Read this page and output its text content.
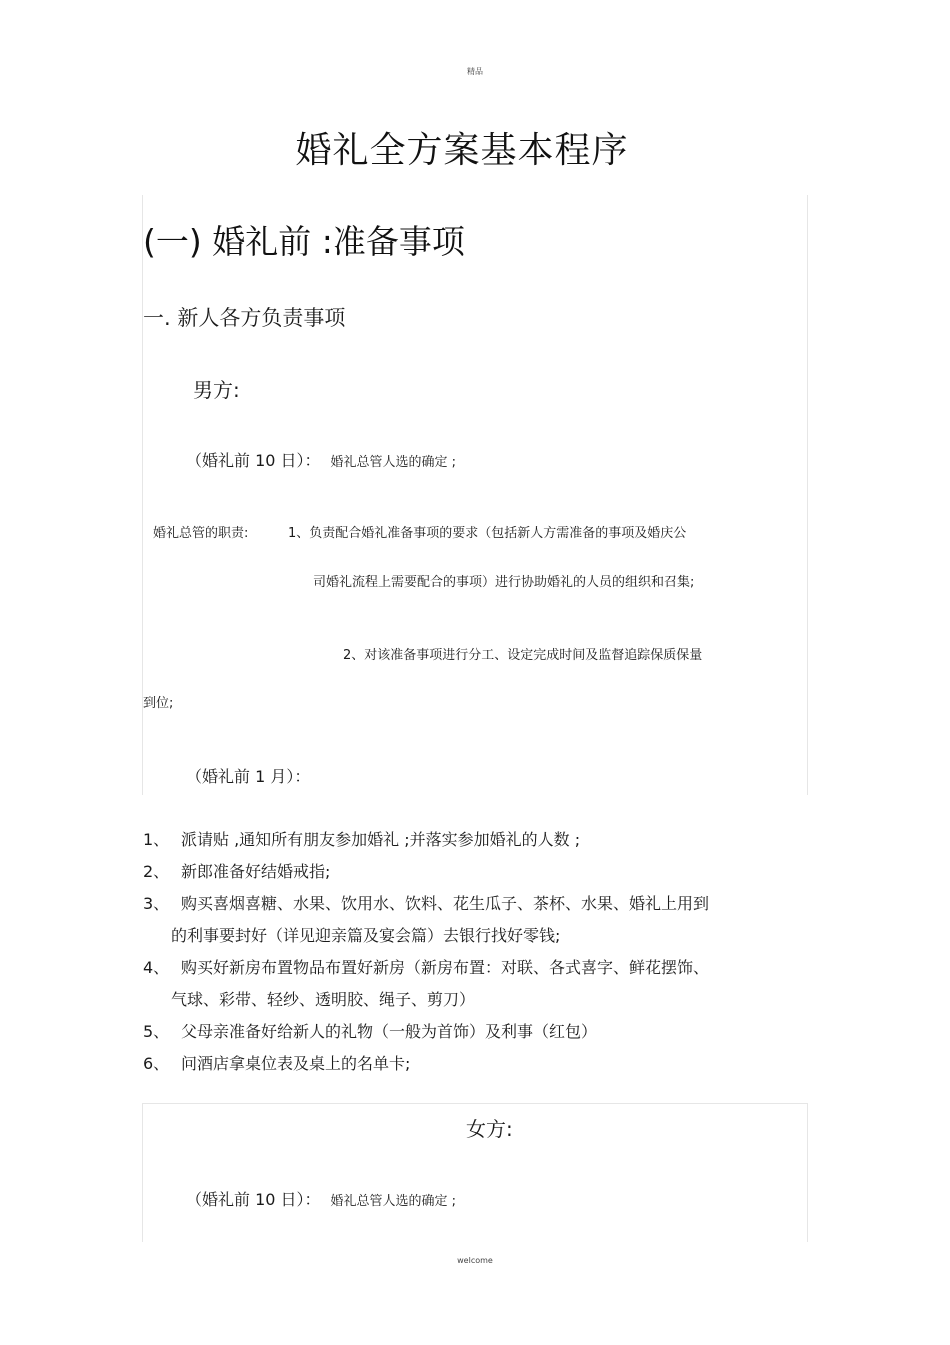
精品
婚礼全方案基本程序
(一) 婚礼前 :准备事项
一. 新人各方负责事项
男方:
（婚礼前 10 日）： 婚礼总管人选的确定 ;
婚礼总管的职责:	1、负责配合婚礼准备事项的要求（包括新人方需准备的事项及婚庆公
司婚礼流程上需要配合的事项）进行协助婚礼的人员的组织和召集;
2、对该准备事项进行分工、设定完成时间及监督追踪保质保量
到位;
（婚礼前 1 月）：
1、 派请贴 ,通知所有朋友参加婚礼 ;并落实参加婚礼的人数 ;
2、 新郎准备好结婚戒指;
3、 购买喜烟喜糖、水果、饮用水、饮料、花生瓜子、茶杯、水果、婚礼上用到
的利事要封好（详见迎亲篇及宴会篇）去银行找好零钱;
4、 购买好新房布置物品布置好新房（新房布置：对联、各式喜字、鲜花摆饰、
气球、彩带、轻纱、透明胶、绳子、剪刀）
5、 父母亲准备好给新人的礼物（一般为首饰）及利事（红包）
6、 问酒店拿桌位表及桌上的名单卡;
女方:
（婚礼前 10 日）： 婚礼总管人选的确定 ;
welcome
